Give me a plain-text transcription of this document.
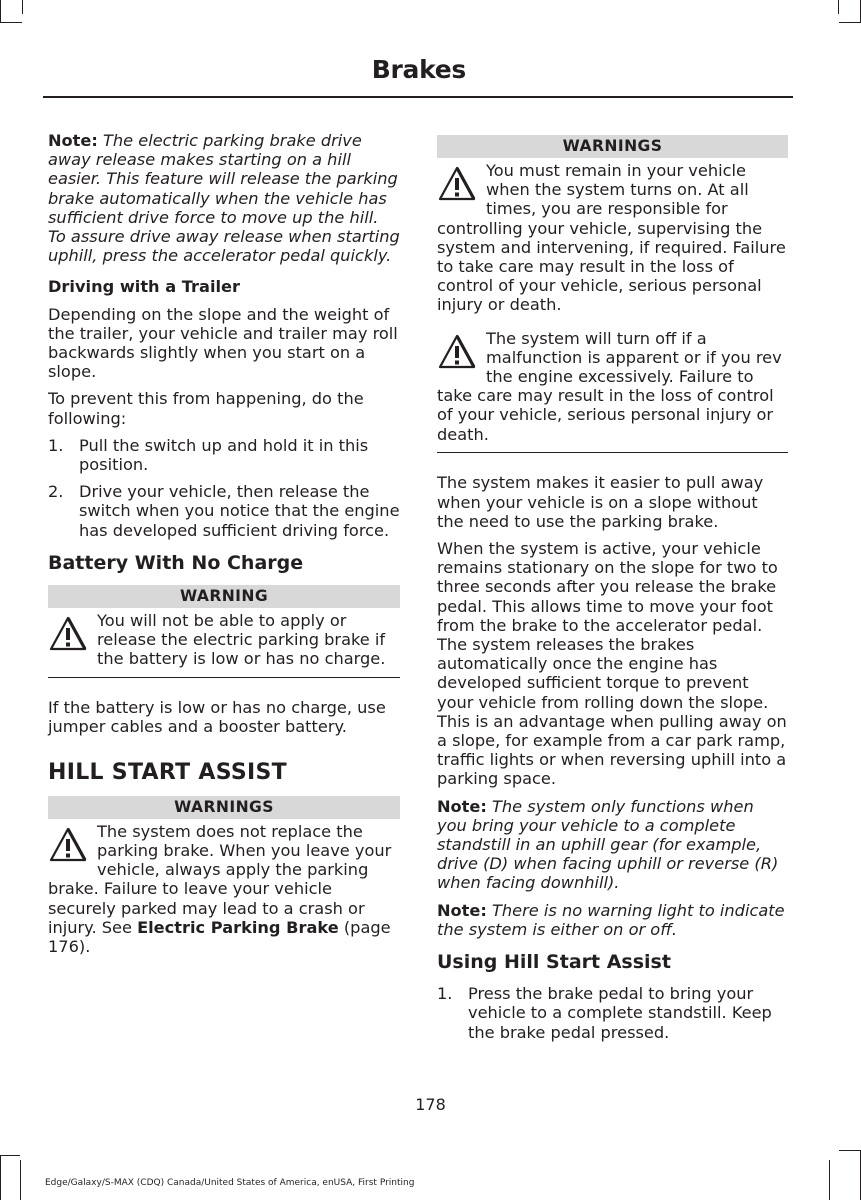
Brakes

Note: The electric parking brake drive away release makes starting on a hill easier. This feature will release the parking brake automatically when the vehicle has sufficient drive force to move up the hill. To assure drive away release when starting uphill, press the accelerator pedal quickly.

Driving with a Trailer

Depending on the slope and the weight of the trailer, your vehicle and trailer may roll backwards slightly when you start on a slope.

To prevent this from happening, do the following:

1. Pull the switch up and hold it in this position.
2. Drive your vehicle, then release the switch when you notice that the engine has developed sufficient driving force.
Battery With No Charge
WARNING
You will not be able to apply or release the electric parking brake if the battery is low or has no charge.

If the battery is low or has no charge, use jumper cables and a booster battery.

HILL START ASSIST
WARNINGS
The system does not replace the parking brake. When you leave your vehicle, always apply the parking brake. Failure to leave your vehicle securely parked may lead to a crash or injury. See Electric Parking Brake (page 176).
WARNINGS
You must remain in your vehicle when the system turns on. At all times, you are responsible for controlling your vehicle, supervising the system and intervening, if required. Failure to take care may result in the loss of control of your vehicle, serious personal injury or death.
The system will turn off if a malfunction is apparent or if you rev the engine excessively. Failure to take care may result in the loss of control of your vehicle, serious personal injury or death.

The system makes it easier to pull away when your vehicle is on a slope without the need to use the parking brake.

When the system is active, your vehicle remains stationary on the slope for two to three seconds after you release the brake pedal. This allows time to move your foot from the brake to the accelerator pedal. The system releases the brakes automatically once the engine has developed sufficient torque to prevent your vehicle from rolling down the slope. This is an advantage when pulling away on a slope, for example from a car park ramp, traffic lights or when reversing uphill into a parking space.

Note: The system only functions when you bring your vehicle to a complete standstill in an uphill gear (for example, drive (D) when facing uphill or reverse (R) when facing downhill).

Note: There is no warning light to indicate the system is either on or off.

Using Hill Start Assist
1. Press the brake pedal to bring your vehicle to a complete standstill. Keep the brake pedal pressed.
178
Edge/Galaxy/S-MAX (CDQ) Canada/United States of America, enUSA, First Printing
